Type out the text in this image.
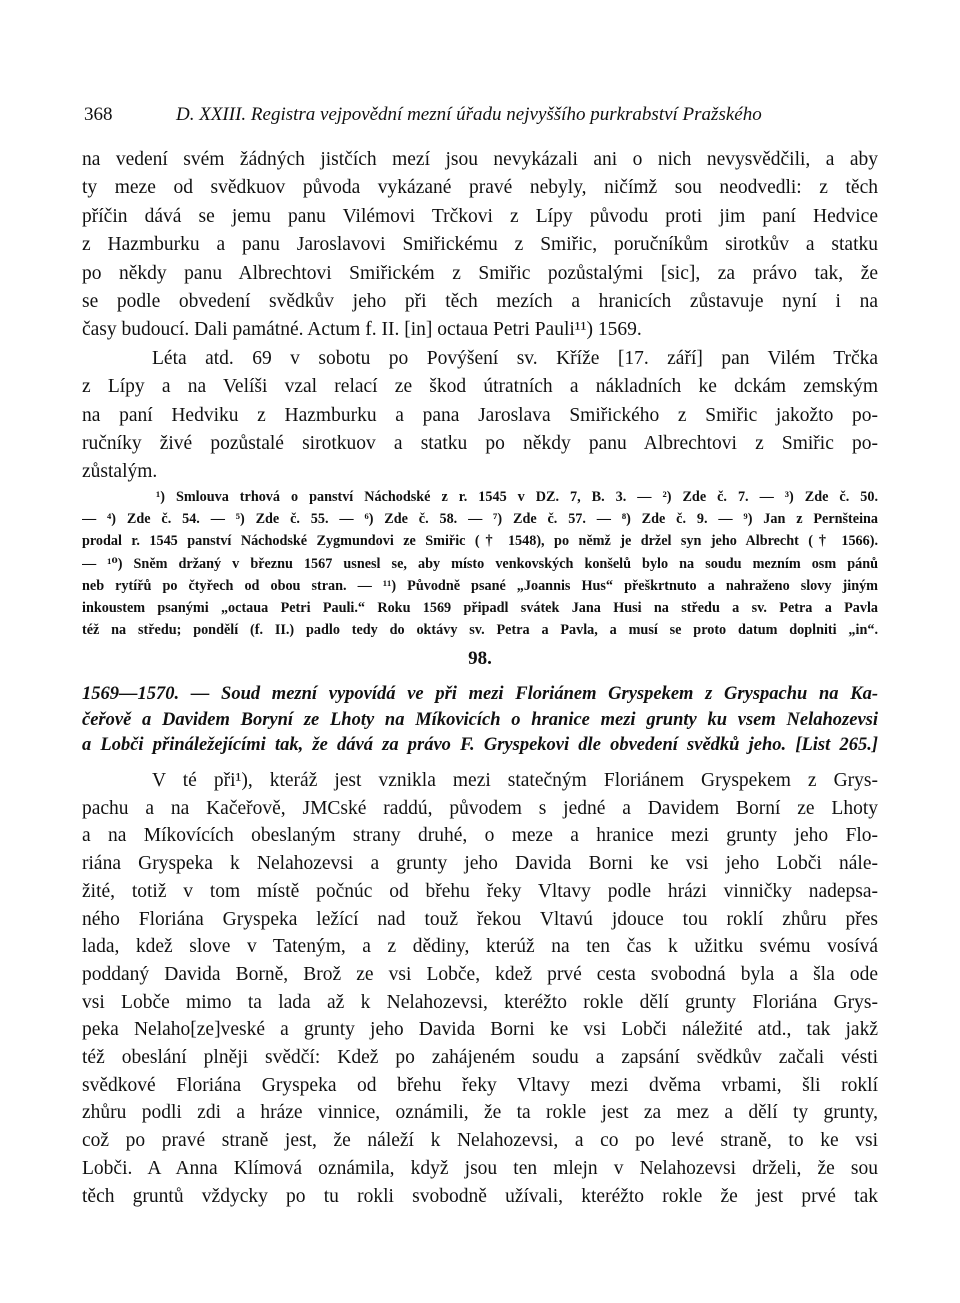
368	D. XXIII. Registra vejpovědní mezní úřadu nejvyššího purkrabství Pražského
na vedení svém žádných jistčích mezí jsou nevykázali ani o nich nevysvědčili, a aby
ty meze od svědkuov původa vykázané pravé nebyly, ničímž sou neodvedli: z těch
příčin dává se jemu panu Vilémovi Trčkovi z Lípy původu proti jim paní Hedvice
z Hazmburku a panu Jaroslavovi Smiřickému z Smiřic, poručníkům sirotkův a statku
po někdy panu Albrechtovi Smiřickém z Smiřic pozůstalými [sic], za právo tak, že
se podle obvedení svědkův jeho při těch mezích a hranicích zůstavuje nyní i na
časy budoucí. Dali památné. Actum f. II. [in] octaua Petri Pauli¹¹) 1569.
Léta atd. 69 v sobotu po Povýšení sv. Kříže [17. září] pan Vilém Trčka
z Lípy a na Velíši vzal relací ze škod útratních a nákladních ke dckám zemským
na paní Hedviku z Hazmburku a pana Jaroslava Smiřického z Smiřic jakožto po-
ručníky živé pozůstalé sirotkuov a statku po někdy panu Albrechtovi z Smiřic po-
zůstalým.
¹) Smlouva trhová o panství Náchodské z r. 1545 v DZ. 7, B. 3. — ²) Zde č. 7. — ³) Zde č. 50.
— ⁴) Zde č. 54. — ⁵) Zde č. 55. — ⁶) Zde č. 58. — ⁷) Zde č. 57. — ⁸) Zde č. 9. — ⁹) Jan z Pernšteina
prodal r. 1545 panství Náchodské Zygmundovi ze Smiřic († 1548), po němž je držel syn jeho Albrecht († 1566).
— ¹⁰) Sněm držaný v březnu 1567 usnesl se, aby místo venkovských konšelů bylo na soudu mezním osm pánů
neb rytířů po čtyřech od obou stran. — ¹¹) Původně psané „Joannis Hus“ přeškrtnuto a nahraženo slovy jiným
inkoustem psanými „octaua Petri Pauli.“ Roku 1569 připadl svátek Jana Husi na středu a sv. Petra a Pavla
též na středu; pondělí (f. II.) padlo tedy do oktávy sv. Petra a Pavla, a musí se proto datum doplniti „in“.
98.
1569—1570. — Soud mezní vypovídá ve při mezi Floriánem Gryspekem z Gryspachu na Ka-
čeřově a Davidem Boryní ze Lhoty na Míkovicích o hranice mezi grunty ku vsem Nelahozevsi
a Lobči přináležejícími tak, že dává za právo F. Gryspekovi dle obvedení svědků jeho. [List 265.]
V té při¹), kteráž jest vznikla mezi statečným Floriánem Gryspekem z Grys-
pachu a na Kačeřově, JMCské raddú, původem s jedné a Davidem Borní ze Lhoty
a na Míkovících obeslaným strany druhé, o meze a hranice mezi grunty jeho Flo-
riána Gryspeka k Nelahozevsi a grunty jeho Davida Borni ke vsi jeho Lobči nále-
žité, totiž v tom místě počnúc od břehu řeky Vltavy podle hrázi vinničky nadepsa-
ného Floriána Gryspeka ležící nad touž řekou Vltavú jdouce tou roklí zhůru přes
lada, kdež slove v Tateným, a z dědiny, kterúž na ten čas k užitku svému vosívá
poddaný Davida Borně, Brož ze vsi Lobče, kdež prvé cesta svobodná byla a šla ode
vsi Lobče mimo ta lada až k Nelahozevsi, kteréžto rokle dělí grunty Floriána Grys-
peka Nelaho[ze]veské a grunty jeho Davida Borni ke vsi Lobči náležité atd., tak jakž
též obeslání plněji svědčí: Kdež po zahájeném soudu a zapsání svědkův začali vésti
svědkové Floriána Gryspeka od břehu řeky Vltavy mezi dvěma vrbami, šli roklí
zhůru podli zdi a hráze vinnice, oznámili, že ta rokle jest za mez a dělí ty grunty,
což po pravé straně jest, že náleží k Nelahozevsi, a co po levé straně, to ke vsi
Lobči. A Anna Klímová oznámila, když jsou ten mlejn v Nelahozevsi drželi, že sou
těch gruntů vždycky po tu rokli svobodně užívali, kteréžto rokle že jest prvé tak
